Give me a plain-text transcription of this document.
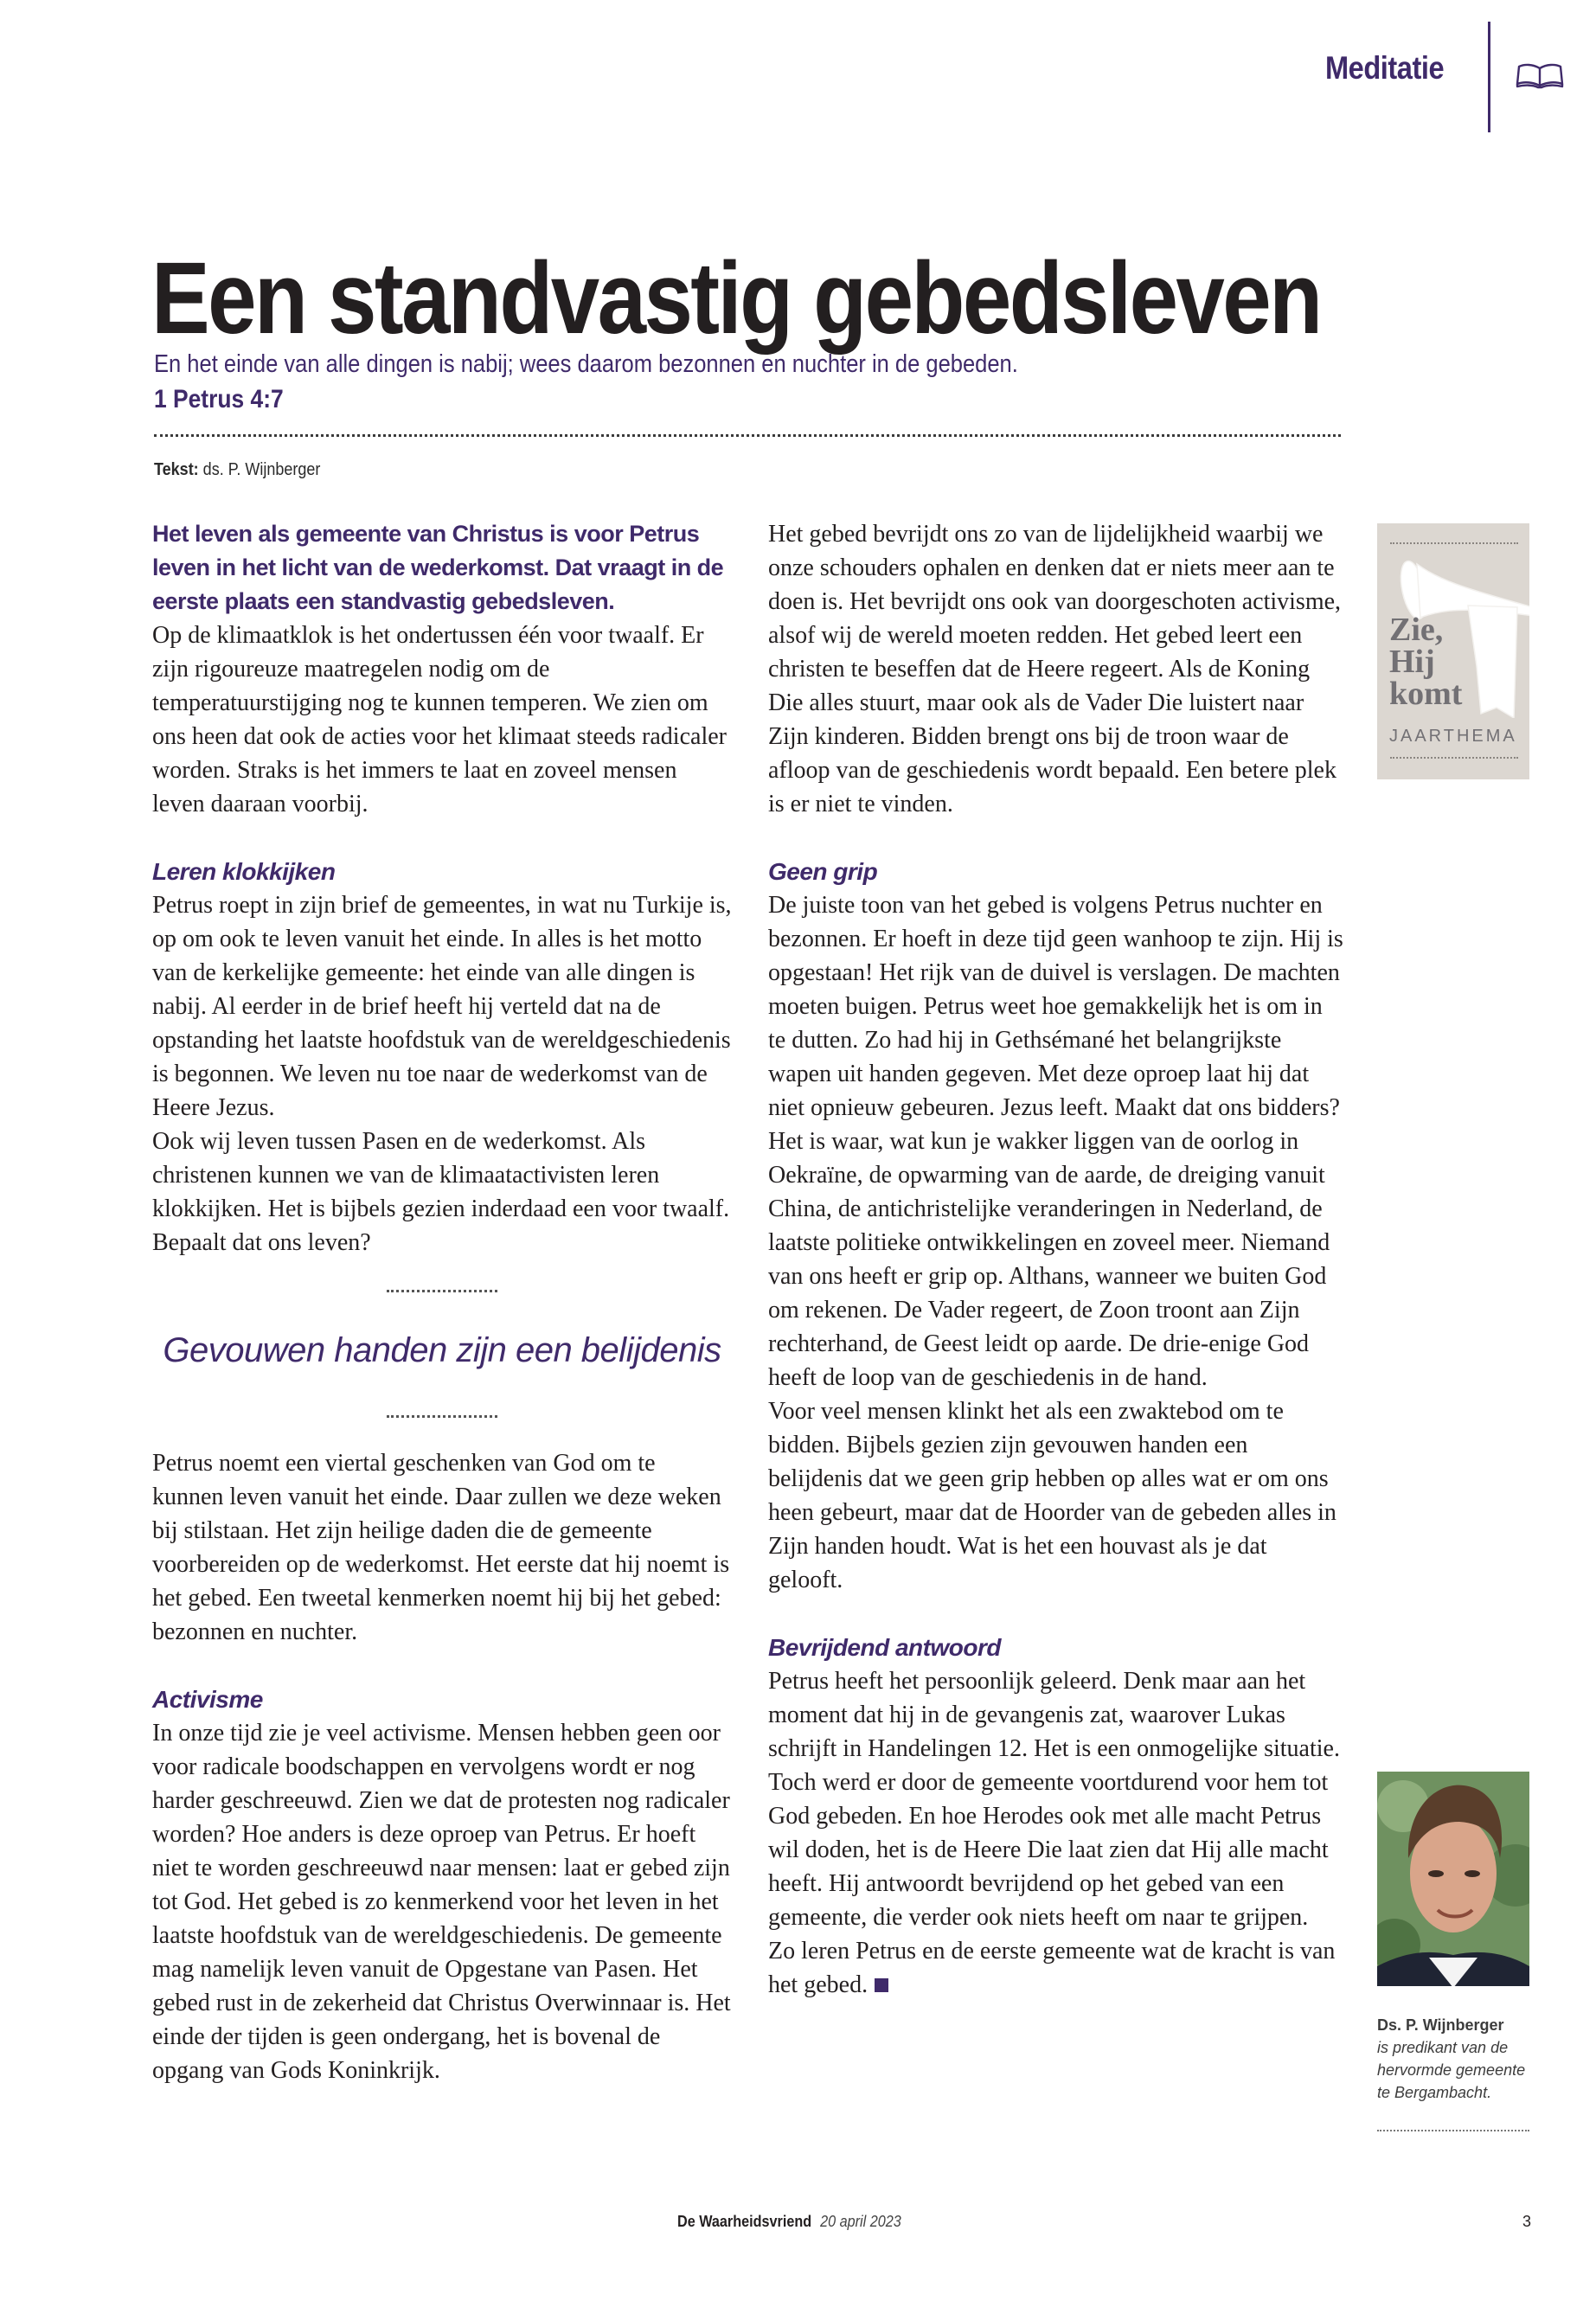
Meditatie
Een standvastig gebedsleven
En het einde van alle dingen is nabij; wees daarom bezonnen en nuchter in de gebeden.
1 Petrus 4:7
Tekst: ds. P. Wijnberger

Het leven als gemeente van Christus is voor Petrus leven in het licht van de wederkomst. Dat vraagt in de eerste plaats een standvastig gebedsleven.

Op de klimaatklok is het ondertussen één voor twaalf. Er zijn rigoureuze maatregelen nodig om de temperatuurstijging nog te kunnen temperen. We zien om ons heen dat ook de acties voor het klimaat steeds radicaler worden. Straks is het immers te laat en zoveel mensen leven daaraan voorbij.

Leren klokkijken

Petrus roept in zijn brief de gemeentes, in wat nu Turkije is, op om ook te leven vanuit het einde. In alles is het motto van de kerkelijke gemeente: het einde van alle dingen is nabij. Al eerder in de brief heeft hij verteld dat na de opstanding het laatste hoofdstuk van de wereldgeschiedenis is begonnen. We leven nu toe naar de wederkomst van de Heere Jezus.

Ook wij leven tussen Pasen en de wederkomst. Als christenen kunnen we van de klimaatactivisten leren klokkijken. Het is bijbels gezien inderdaad een voor twaalf. Bepaalt dat ons leven?

Gevouwen handen zijn een belijdenis

Petrus noemt een viertal geschenken van God om te kunnen leven vanuit het einde. Daar zullen we deze weken bij stilstaan. Het zijn heilige daden die de gemeente voorbereiden op de wederkomst. Het eerste dat hij noemt is het gebed. Een tweetal kenmerken noemt hij bij het gebed: bezonnen en nuchter.

Activisme

In onze tijd zie je veel activisme. Mensen hebben geen oor voor radicale boodschappen en vervolgens wordt er nog harder geschreeuwd. Zien we dat de protesten nog radicaler worden? Hoe anders is deze oproep van Petrus. Er hoeft niet te worden geschreeuwd naar mensen: laat er gebed zijn tot God. Het gebed is zo kenmerkend voor het leven in het laatste hoofdstuk van de wereldgeschiedenis. De gemeente mag namelijk leven vanuit de Opgestane van Pasen. Het gebed rust in de zekerheid dat Christus Overwinnaar is. Het einde der tijden is geen ondergang, het is bovenal de opgang van Gods Koninkrijk.

Het gebed bevrijdt ons zo van de lijdelijkheid waarbij we onze schouders ophalen en denken dat er niets meer aan te doen is. Het bevrijdt ons ook van doorgeschoten activisme, alsof wij de wereld moeten redden. Het gebed leert een christen te beseffen dat de Heere regeert. Als de Koning Die alles stuurt, maar ook als de Vader Die luistert naar Zijn kinderen. Bidden brengt ons bij de troon waar de afloop van de geschiedenis wordt bepaald. Een betere plek is er niet te vinden.

Geen grip

De juiste toon van het gebed is volgens Petrus nuchter en bezonnen. Er hoeft in deze tijd geen wanhoop te zijn. Hij is opgestaan! Het rijk van de duivel is verslagen. De machten moeten buigen. Petrus weet hoe gemakkelijk het is om in te dutten. Zo had hij in Gethsémané het belangrijkste wapen uit handen gegeven. Met deze oproep laat hij dat niet opnieuw gebeuren. Jezus leeft. Maakt dat ons bidders? Het is waar, wat kun je wakker liggen van de oorlog in Oekraïne, de opwarming van de aarde, de dreiging vanuit China, de antichristelijke veranderingen in Nederland, de laatste politieke ontwikkelingen en zoveel meer. Niemand van ons heeft er grip op. Althans, wanneer we buiten God om rekenen. De Vader regeert, de Zoon troont aan Zijn rechterhand, de Geest leidt op aarde. De drie-enige God heeft de loop van de geschiedenis in de hand.

Voor veel mensen klinkt het als een zwaktebod om te bidden. Bijbels gezien zijn gevouwen handen een belijdenis dat we geen grip hebben op alles wat er om ons heen gebeurt, maar dat de Hoorder van de gebeden alles in Zijn handen houdt. Wat is het een houvast als je dat gelooft.

Bevrijdend antwoord

Petrus heeft het persoonlijk geleerd. Denk maar aan het moment dat hij in de gevangenis zat, waarover Lukas schrijft in Handelingen 12. Het is een onmogelijke situatie. Toch werd er door de gemeente voortdurend voor hem tot God gebeden. En hoe Herodes ook met alle macht Petrus wil doden, het is de Heere Die laat zien dat Hij alle macht heeft. Hij antwoordt bevrijdend op het gebed van een gemeente, die verder ook niets heeft om naar te grijpen.

Zo leren Petrus en de eerste gemeente wat de kracht is van het gebed.

Zie,
Hij
komt
JAARTHEMA
Ds. P. Wijnberger
is predikant van de hervormde gemeente te Bergambacht.
De Waarheidsvriend 20 april 2023	3
